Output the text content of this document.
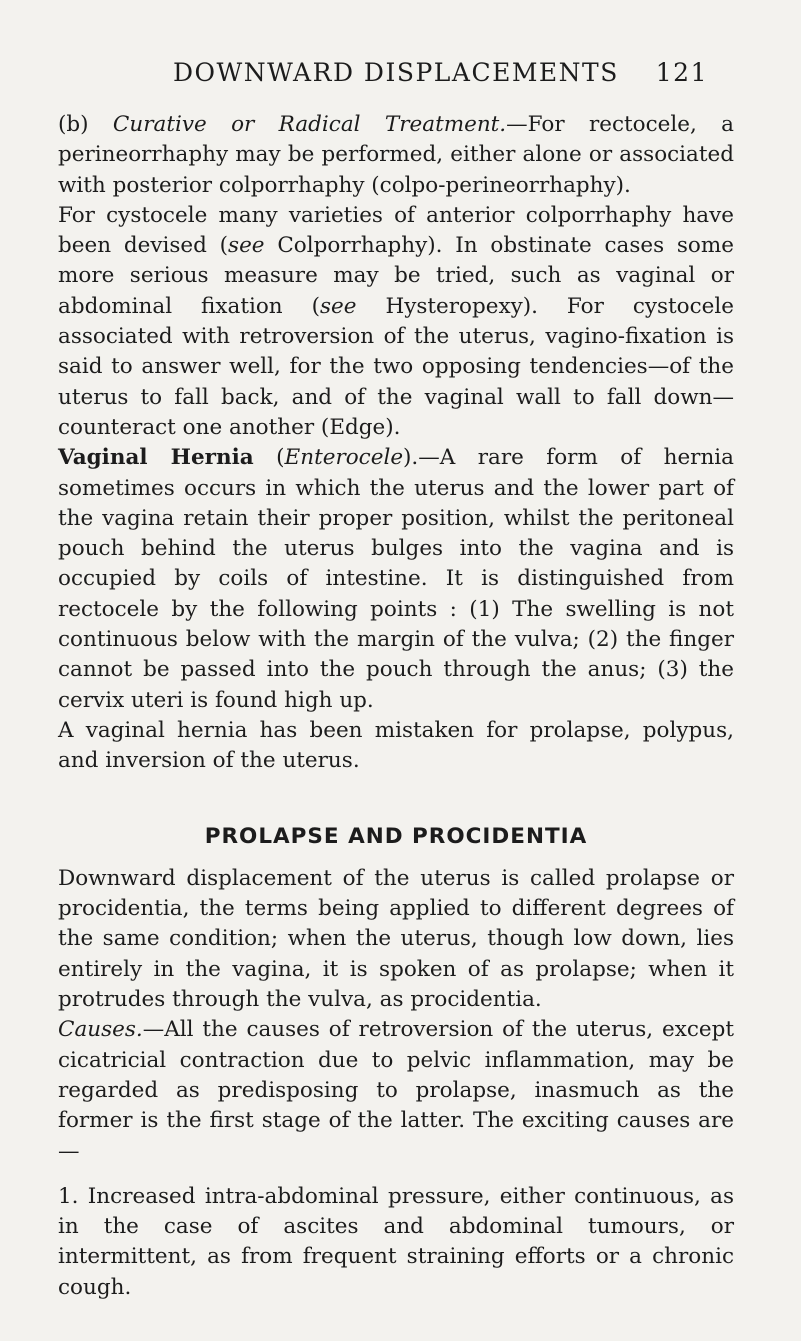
DOWNWARD DISPLACEMENTS 121

(b) Curative or Radical Treatment.—For rectocele, a perineorrhaphy may be performed, either alone or associated with posterior colporrhaphy (colpo-perineorrhaphy).

For cystocele many varieties of anterior colporrhaphy have been devised (see Colporrhaphy). In obstinate cases some more serious measure may be tried, such as vaginal or abdominal fixation (see Hysteropexy). For cystocele associated with retroversion of the uterus, vagino-fixation is said to answer well, for the two opposing tendencies—of the uterus to fall back, and of the vaginal wall to fall down—counteract one another (Edge).

Vaginal Hernia (Enterocele).—A rare form of hernia sometimes occurs in which the uterus and the lower part of the vagina retain their proper position, whilst the peritoneal pouch behind the uterus bulges into the vagina and is occupied by coils of intestine. It is distinguished from rectocele by the following points : (1) The swelling is not continuous below with the margin of the vulva; (2) the finger cannot be passed into the pouch through the anus; (3) the cervix uteri is found high up.

A vaginal hernia has been mistaken for prolapse, polypus, and inversion of the uterus.

PROLAPSE AND PROCIDENTIA

Downward displacement of the uterus is called prolapse or procidentia, the terms being applied to different degrees of the same condition; when the uterus, though low down, lies entirely in the vagina, it is spoken of as prolapse; when it protrudes through the vulva, as procidentia.

Causes.—All the causes of retroversion of the uterus, except cicatricial contraction due to pelvic inflammation, may be regarded as predisposing to prolapse, inasmuch as the former is the first stage of the latter. The exciting causes are—

1. Increased intra-abdominal pressure, either continuous, as in the case of ascites and abdominal tumours, or intermittent, as from frequent straining efforts or a chronic cough.
